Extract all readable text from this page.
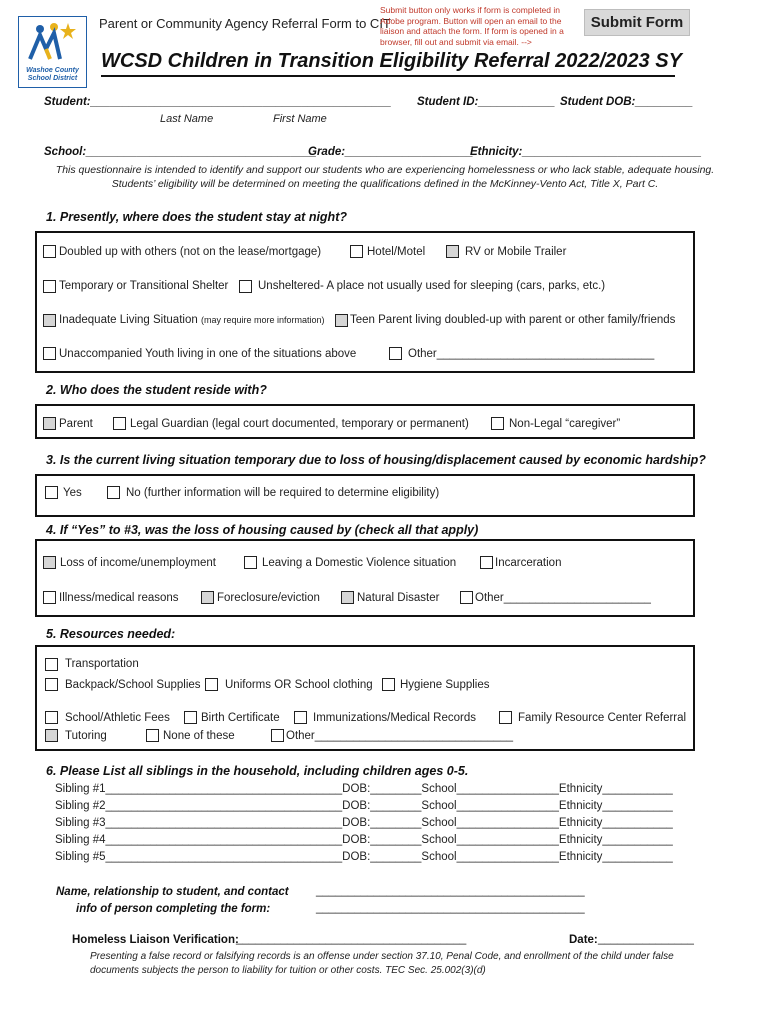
Washoe County
School District
Parent or Community Agency Referral Form to CIT
Submit button only works if form is completed in
Adobe program. Button will open an email to the
liaison and attach the form. If form is opened in a
browser, fill out and submit via email. -->
Submit Form
WCSD Children in Transition Eligibility Referral 2022/2023 SY
Student:_______________________________________________ Student ID:____________ Student DOB:_________
Last Name	First Name
School:____________________________________
Grade:____________________
Ethnicity:____________________________
This questionnaire is intended to identify and support our students who are experiencing homelessness or who lack stable, adequate housing.
Students’ eligibility will be determined on meeting the qualifications defined in the McKinney-Vento Act, Title X, Part C.
1. Presently, where does the student stay at night?
Doubled up with others (not on the lease/mortgage)	Hotel/Motel	RV or Mobile Trailer
Temporary or Transitional Shelter	Unsheltered- A place not usually used for sleeping (cars, parks, etc.)
Inadequate Living Situation (may require more information) Teen Parent living doubled-up with parent or other family/friends
Unaccompanied Youth living in one of the situations above	Other__________________________________
2. Who does the student reside with?
Parent	Legal Guardian (legal court documented, temporary or permanent)	Non-Legal “caregiver”
3. Is the current living situation temporary due to loss of housing/displacement caused by economic hardship?
Yes	No (further information will be required to determine eligibility)
4. If “Yes” to #3, was the loss of housing caused by (check all that apply)
Loss of income/unemployment	Leaving a Domestic Violence situation	Incarceration
Illness/medical reasons	Foreclosure/eviction	Natural Disaster	Other_______________________
5. Resources needed:
Transportation
Backpack/School Supplies Uniforms OR School clothing Hygiene Supplies
School/Athletic Fees	Birth Certificate	Immunizations/Medical Records	Family Resource Center Referral
Tutoring	None of these	Other_______________________________
6. Please List all siblings in the household, including children ages 0-5.
Sibling #1_____________________________________DOB:________School________________Ethnicity___________
Sibling #2_____________________________________DOB:________School________________Ethnicity___________
Sibling #3_____________________________________DOB:________School________________Ethnicity___________
Sibling #4_____________________________________DOB:________School________________Ethnicity___________
Sibling #5_____________________________________DOB:________School________________Ethnicity___________
Name, relationship to student, and contact
info of person completing the form:
__________________________________________
__________________________________________
Homeless Liaison Verification:
____________________________________	Date: _______________
Presenting a false record or falsifying records is an offense under section 37.10, Penal Code, and enrollment of the child under false
documents subjects the person to liability for tuition or other costs. TEC Sec. 25.002(3)(d)
